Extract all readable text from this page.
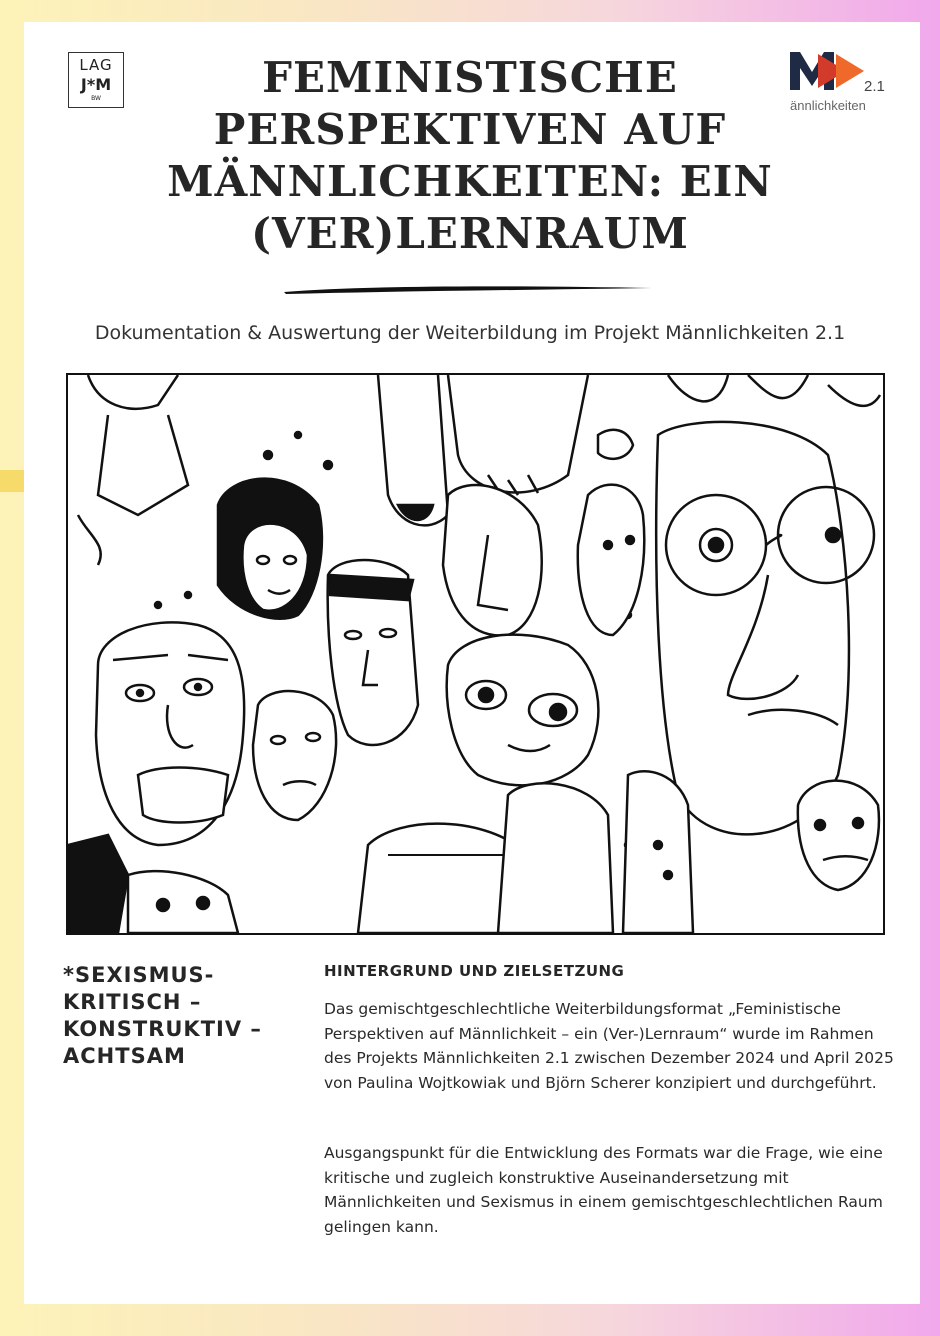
LAG
J*M
BW
2.1
ännlichkeiten
FEMINISTISCHE PERSPEKTIVEN AUF MÄNNLICHKEITEN: EIN (VER)LERNRAUM
Dokumentation & Auswertung der Weiterbildung im Projekt Männlichkeiten 2.1
*SEXISMUS-KRITISCH – KONSTRUKTIV – ACHTSAM
HINTERGRUND UND ZIELSETZUNG

Das gemischtgeschlechtliche Weiterbildungsformat „Feministische Perspektiven auf Männlichkeit – ein (Ver-)Lernraum“ wurde im Rahmen des Projekts Männlichkeiten 2.1 zwischen Dezember 2024 und April 2025 von Paulina Wojtkowiak und Björn Scherer konzipiert und durchgeführt.

Ausgangspunkt für die Entwicklung des Formats war die Frage, wie eine kritische und zugleich konstruktive Auseinandersetzung mit Männlichkeiten und Sexismus in einem gemischtgeschlechtlichen Raum gelingen kann.
